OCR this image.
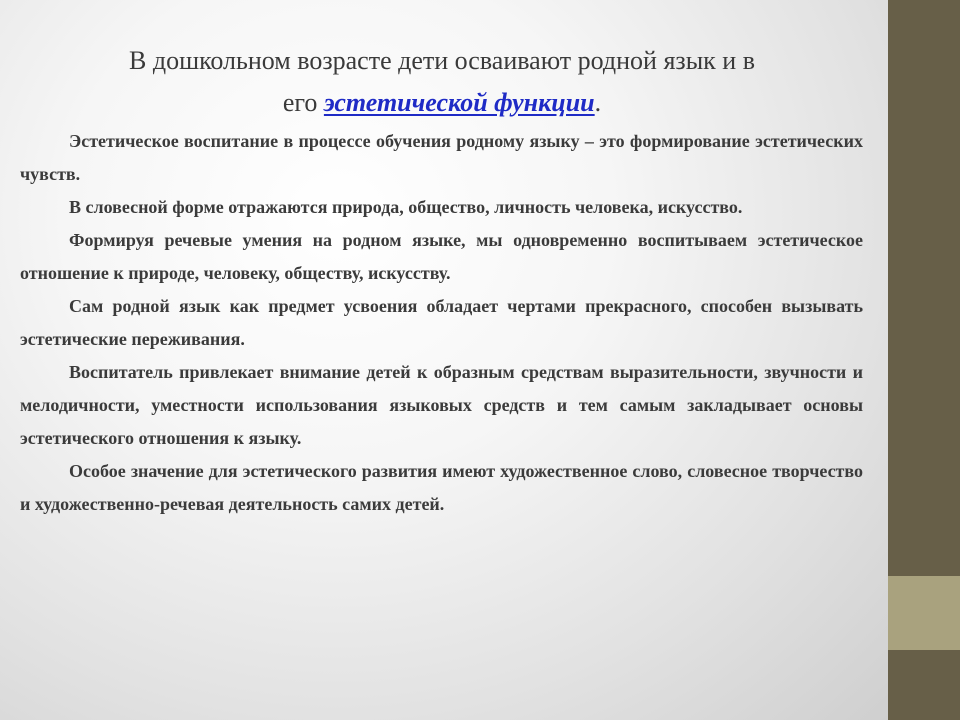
В дошкольном возрасте дети осваивают родной язык и в
его эстетической функции.

Эстетическое воспитание в процессе обучения родному языку – это формирование эстетических чувств.

В словесной форме отражаются природа, общество, личность человека, искусство.

Формируя речевые умения на родном языке, мы одновременно воспитываем эстетическое отношение к природе, человеку, обществу, искусству.

Сам родной язык как предмет усвоения обладает чертами прекрасного, способен вызывать эстетические переживания.

Воспитатель привлекает внимание детей к образным средствам выразительности, звучности и мелодичности, уместности использования языковых средств и тем самым закладывает основы эстетического отношения к языку.

Особое значение для эстетического развития имеют художественное слово, словесное творчество и художественно-речевая деятельность самих детей.
